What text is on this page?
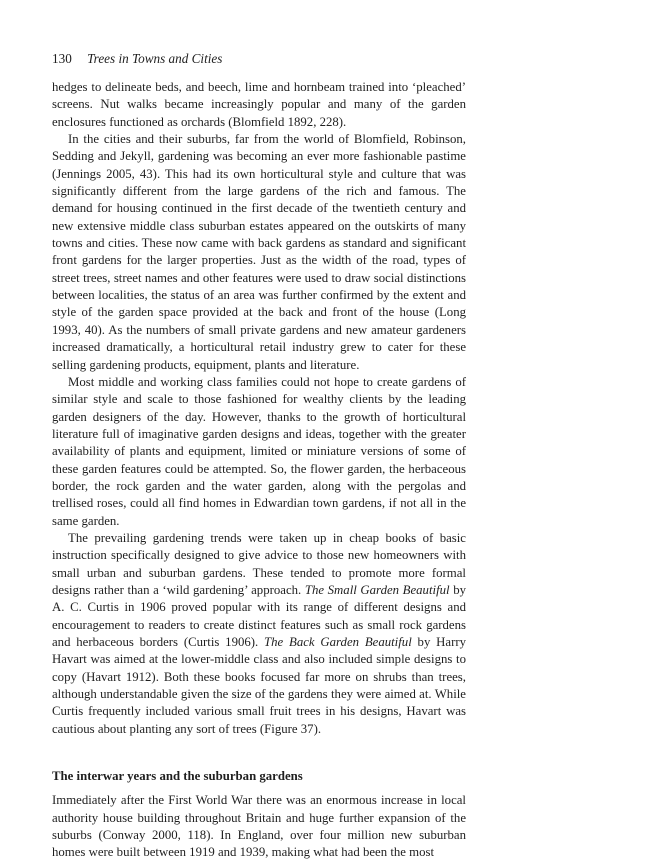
130 Trees in Towns and Cities

hedges to delineate beds, and beech, lime and hornbeam trained into ‘pleached’ screens. Nut walks became increasingly popular and many of the garden enclosures functioned as orchards (Blomfield 1892, 228).

In the cities and their suburbs, far from the world of Blomfield, Robinson, Sedding and Jekyll, gardening was becoming an ever more fashionable pastime (Jennings 2005, 43). This had its own horticultural style and culture that was significantly different from the large gardens of the rich and famous. The demand for housing continued in the first decade of the twentieth century and new extensive middle class suburban estates appeared on the outskirts of many towns and cities. These now came with back gardens as standard and significant front gardens for the larger properties. Just as the width of the road, types of street trees, street names and other features were used to draw social distinctions between localities, the status of an area was further confirmed by the extent and style of the garden space provided at the back and front of the house (Long 1993, 40). As the numbers of small private gardens and new amateur gardeners increased dramatically, a horticultural retail industry grew to cater for these selling gardening products, equipment, plants and literature.

Most middle and working class families could not hope to create gardens of similar style and scale to those fashioned for wealthy clients by the leading garden designers of the day. However, thanks to the growth of horticultural literature full of imaginative garden designs and ideas, together with the greater availability of plants and equipment, limited or miniature versions of some of these garden features could be attempted. So, the flower garden, the herbaceous border, the rock garden and the water garden, along with the pergolas and trellised roses, could all find homes in Edwardian town gardens, if not all in the same garden.

The prevailing gardening trends were taken up in cheap books of basic instruction specifically designed to give advice to those new homeowners with small urban and suburban gardens. These tended to promote more formal designs rather than a ‘wild gardening’ approach. The Small Garden Beautiful by A. C. Curtis in 1906 proved popular with its range of different designs and encouragement to readers to create distinct features such as small rock gardens and herbaceous borders (Curtis 1906). The Back Garden Beautiful by Harry Havart was aimed at the lower-middle class and also included simple designs to copy (Havart 1912). Both these books focused far more on shrubs than trees, although understandable given the size of the gardens they were aimed at. While Curtis frequently included various small fruit trees in his designs, Havart was cautious about planting any sort of trees (Figure 37).

The interwar years and the suburban gardens

Immediately after the First World War there was an enormous increase in local authority house building throughout Britain and huge further expansion of the suburbs (Conway 2000, 118). In England, over four million new suburban homes were built between 1919 and 1939, making what had been the most
